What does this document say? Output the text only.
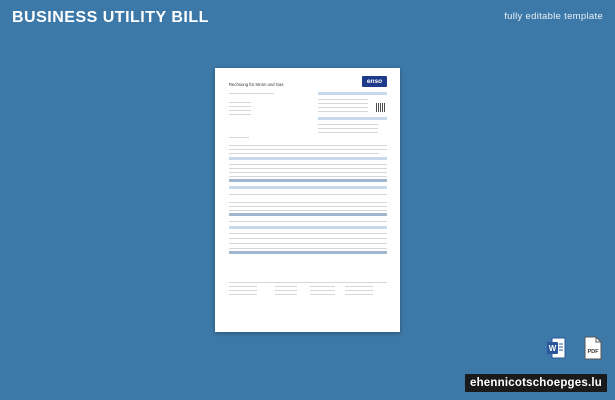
BUSINESS UTILITY BILL	fully editable template
enso
Rechnung für Strom und Gas
W	PDF
ehennicotschoepges.lu
